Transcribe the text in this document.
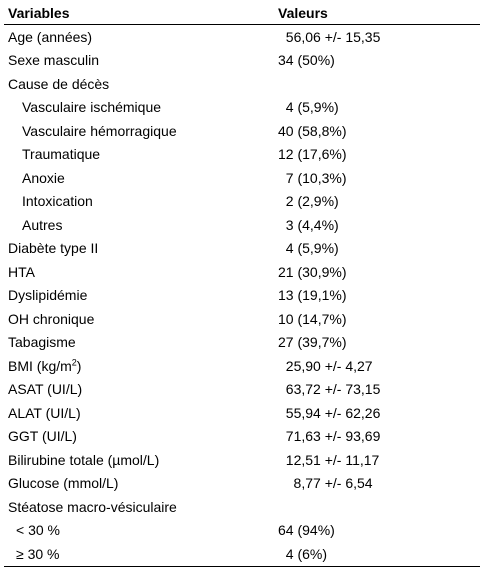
Variables	Valeurs
Age (années)	56,06 +/- 15,35
Sexe masculin	34 (50%)
Cause de décès
Vasculaire ischémique	4 (5,9%)
Vasculaire hémorragique	40 (58,8%)
Traumatique	12 (17,6%)
Anoxie	7 (10,3%)
Intoxication	2 (2,9%)
Autres	3 (4,4%)
Diabète type II	4 (5,9%)
HTA	21 (30,9%)
Dyslipidémie	13 (19,1%)
OH chronique	10 (14,7%)
Tabagisme	27 (39,7%)
BMI $(kg/m^2)$	25,90 +/- 4,27
ASAT (UI/L)	63,72 +/- 73,15
ALAT (UI/L)	55,94 +/- 62,26
GGT (UI/L)	71,63 +/- 93,69
Bilirubine totale (µmol/L)	12,51 +/- 11,17
Glucose (mmol/L)	8,77 +/- 6,54
Stéatose macro-vésiculaire
< 30 %	64 (94%)
≥ 30 %	4 (6%)
